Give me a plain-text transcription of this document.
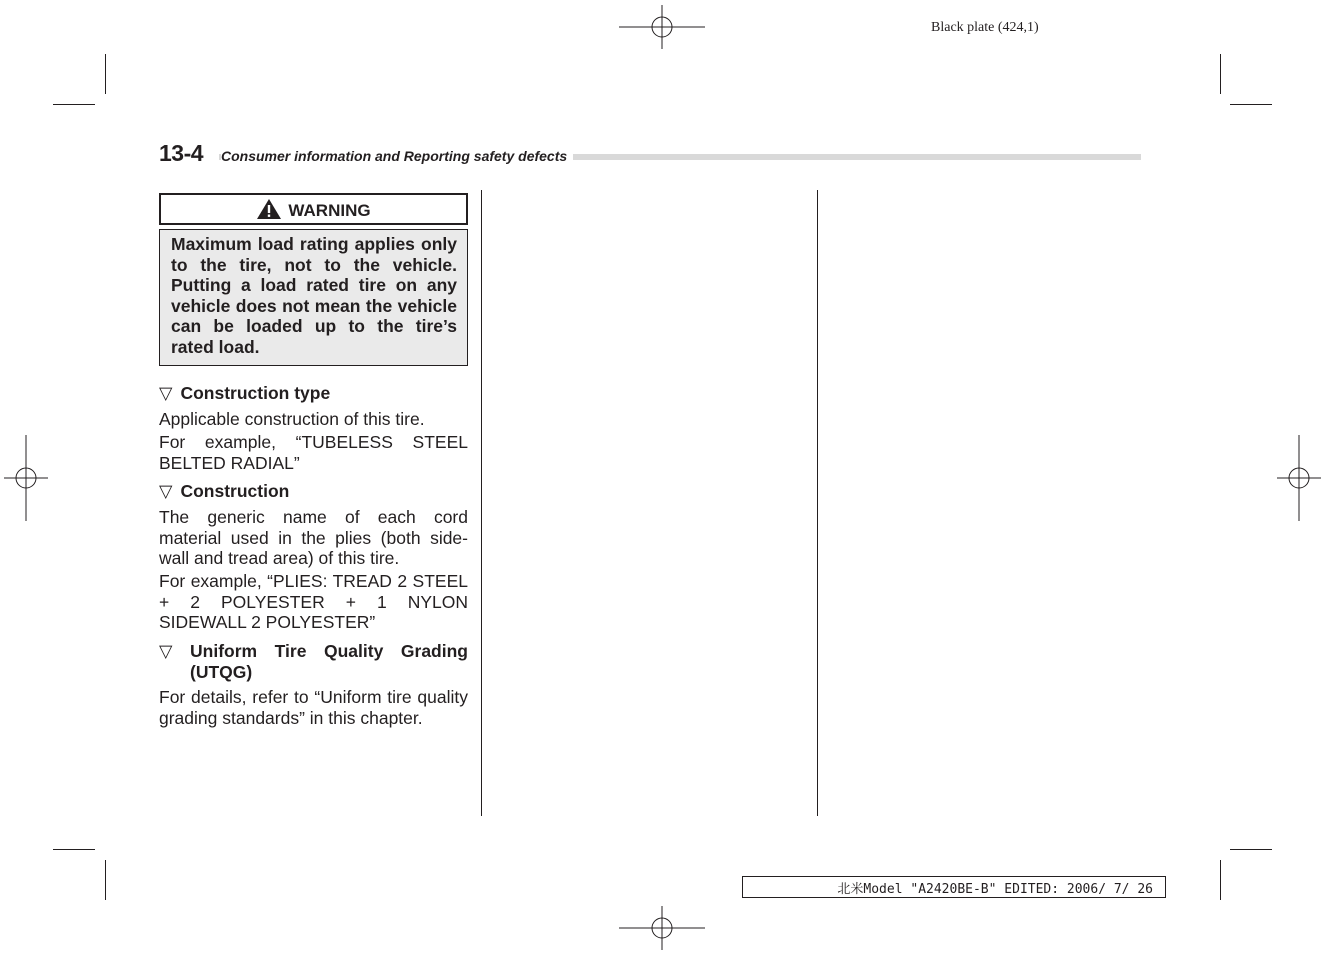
Black plate (424,1)
13-4 Consumer information and Reporting safety defects
WARNING
Maximum load rating applies only to the tire, not to the vehicle. Putting a load rated tire on any vehicle does not mean the vehicle can be loaded up to the tire’s rated load.
▽ Construction type
Applicable construction of this tire.
For example, “TUBELESS STEEL BELTED RADIAL”
▽ Construction
The generic name of each cord material used in the plies (both side-wall and tread area) of this tire.
For example, “PLIES: TREAD 2 STEEL + 2 POLYESTER + 1 NYLON SIDEWALL 2 POLYESTER”
▽ Uniform Tire Quality Grading (UTQG)
For details, refer to “Uniform tire quality grading standards” in this chapter.
北米Model "A2420BE-B" EDITED: 2006/ 7/ 26
